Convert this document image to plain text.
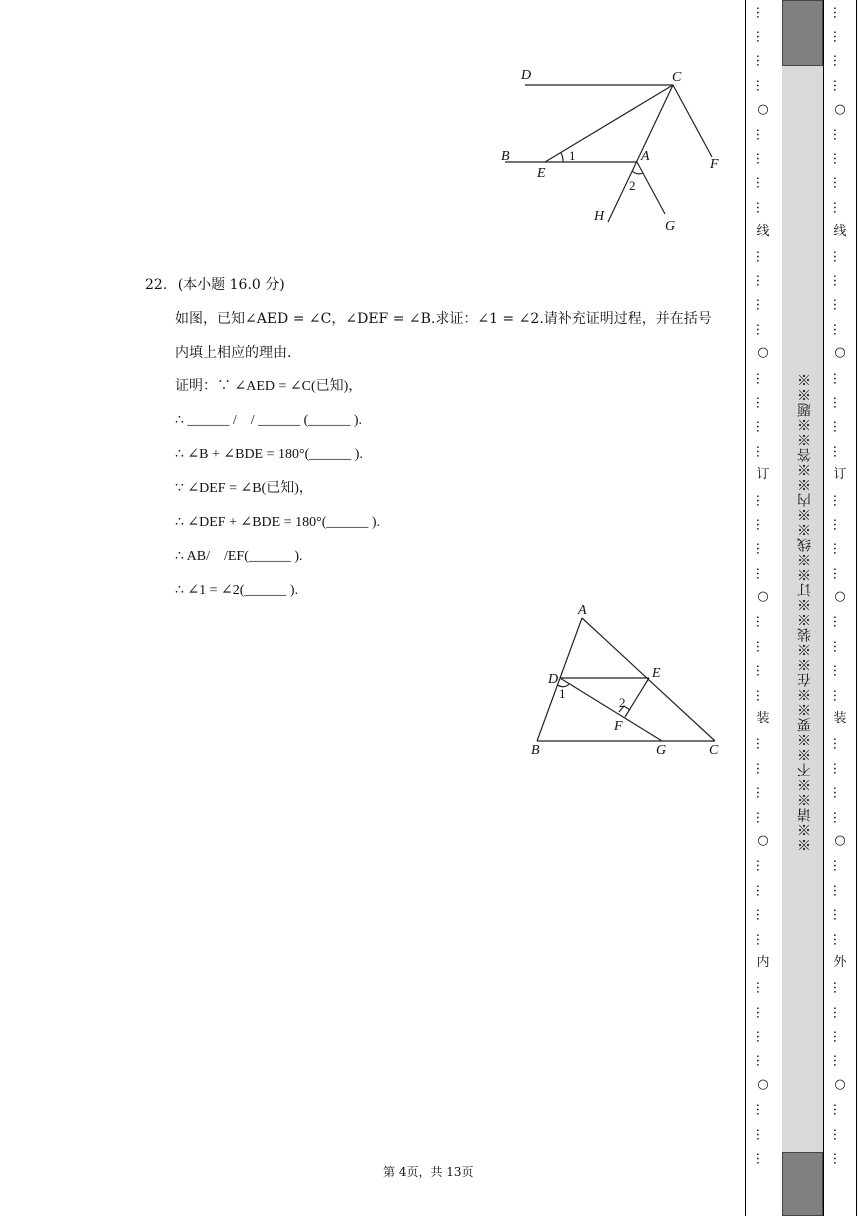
D	C
B
E
1	A
2
F
H
G
22. (本小题 16.0 分)
如图，已知∠AED = ∠C，∠DEF = ∠B.求证：∠1 = ∠2.请补充证明过程，并在括号
内填上相应的理由.
证明：∵ ∠AED = ∠C(已知)，
∴ ______ /　/ ______ (______ ).
∴ ∠B + ∠BDE = 180°(______ ).
∵ ∠DEF = ∠B(已知)，
∴ ∠DEF + ∠BDE = 180°(______ ).
∴ AB/　/EF(______ ).
∴ ∠1 = ∠2(______ ).
A
D	E
1
2
F
B	G	C
第 4页，共 13页
…
…
…
…
○
…
…
…
…
线
…
…
…
…
○
…
…
…
…
订
…
…
…
…
○
…
…
…
…
装
…
…
…
…
○
…
…
…
…
内
…
…
…
…
○
…
…
…
※※请※※不※※要※※在※※装※※订※※线※※内※※答※※题※※
…
…
…
…
○
…
…
…
…
线
…
…
…
…
○
…
…
…
…
订
…
…
…
…
○
…
…
…
…
装
…
…
…
…
○
…
…
…
…
外
…
…
…
…
○
…
…
…
